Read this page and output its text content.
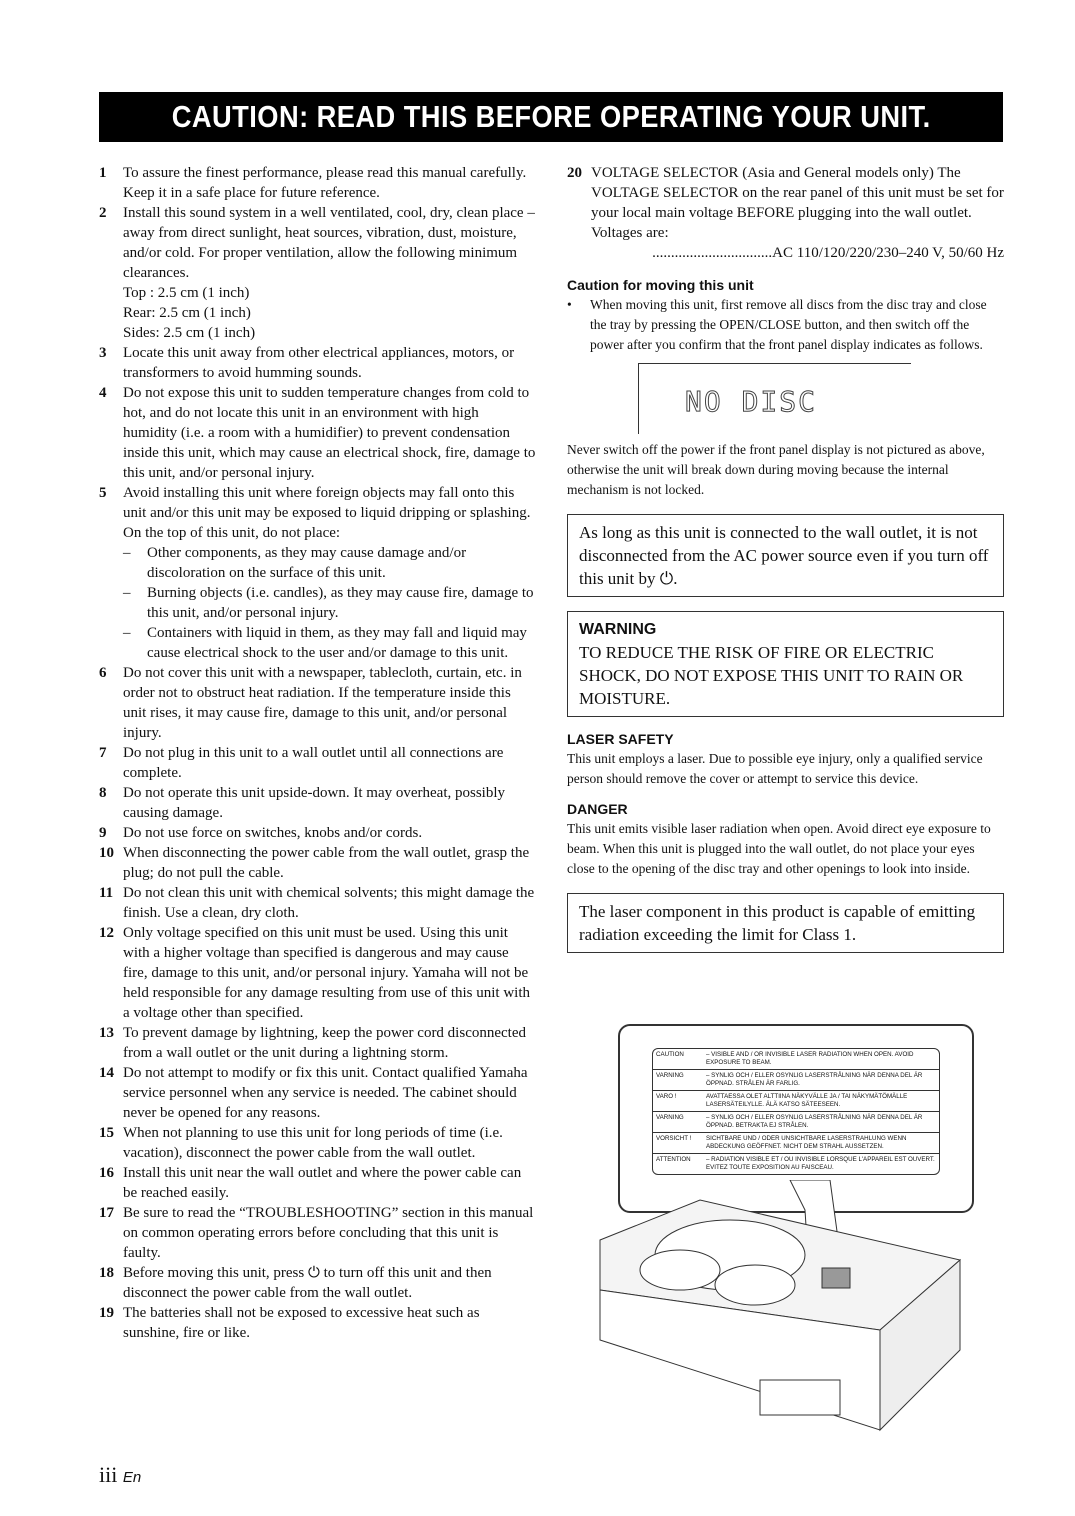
CAUTION: READ THIS BEFORE OPERATING YOUR UNIT.
1	To assure the finest performance, please read this manual carefully. Keep it in a safe place for future reference.
2	Install this sound system in a well ventilated, cool, dry, clean place – away from direct sunlight, heat sources, vibration, dust, moisture, and/or cold. For proper ventilation, allow the following minimum clearances.
Top : 2.5 cm (1 inch)
Rear: 2.5 cm (1 inch)
Sides: 2.5 cm (1 inch)
3	Locate this unit away from other electrical appliances, motors, or transformers to avoid humming sounds.
4	Do not expose this unit to sudden temperature changes from cold to hot, and do not locate this unit in an environment with high humidity (i.e. a room with a humidifier) to prevent condensation inside this unit, which may cause an electrical shock, fire, damage to this unit, and/or personal injury.
5	Avoid installing this unit where foreign objects may fall onto this unit and/or this unit may be exposed to liquid dripping or splashing. On the top of this unit, do not place:
–	Other components, as they may cause damage and/or discoloration on the surface of this unit.
–	Burning objects (i.e. candles), as they may cause fire, damage to this unit, and/or personal injury.
–	Containers with liquid in them, as they may fall and liquid may cause electrical shock to the user and/or damage to this unit.
6	Do not cover this unit with a newspaper, tablecloth, curtain, etc. in order not to obstruct heat radiation. If the temperature inside this unit rises, it may cause fire, damage to this unit, and/or personal injury.
7	Do not plug in this unit to a wall outlet until all connections are complete.
8	Do not operate this unit upside-down. It may overheat, possibly causing damage.
9	Do not use force on switches, knobs and/or cords.
10 When disconnecting the power cable from the wall outlet, grasp the plug; do not pull the cable.
11 Do not clean this unit with chemical solvents; this might damage the finish. Use a clean, dry cloth.
12 Only voltage specified on this unit must be used. Using this unit with a higher voltage than specified is dangerous and may cause fire, damage to this unit, and/or personal injury. Yamaha will not be held responsible for any damage resulting from use of this unit with a voltage other than specified.
13 To prevent damage by lightning, keep the power cord disconnected from a wall outlet or the unit during a lightning storm.
14 Do not attempt to modify or fix this unit. Contact qualified Yamaha service personnel when any service is needed. The cabinet should never be opened for any reasons.
15 When not planning to use this unit for long periods of time (i.e. vacation), disconnect the power cable from the wall outlet.
16 Install this unit near the wall outlet and where the power cable can be reached easily.
17 Be sure to read the “TROUBLESHOOTING” section in this manual on common operating errors before concluding that this unit is faulty.
18 Before moving this unit, press ⏻ to turn off this unit and then disconnect the power cable from the wall outlet.
19 The batteries shall not be exposed to excessive heat such as sunshine, fire or like.
20 VOLTAGE SELECTOR (Asia and General models only) The VOLTAGE SELECTOR on the rear panel of this unit must be set for your local main voltage BEFORE plugging into the wall outlet. Voltages are:
................................AC 110/120/220/230–240 V, 50/60 Hz
Caution for moving this unit
•	When moving this unit, first remove all discs from the disc tray and close the tray by pressing the OPEN/CLOSE button, and then switch off the power after you confirm that the front panel display indicates as follows.
NO DISC
Never switch off the power if the front panel display is not pictured as above, otherwise the unit will break down during moving because the internal mechanism is not locked.
As long as this unit is connected to the wall outlet, it is not disconnected from the AC power source even if you turn off this unit by ⏻.
WARNING
TO REDUCE THE RISK OF FIRE OR ELECTRIC SHOCK, DO NOT EXPOSE THIS UNIT TO RAIN OR MOISTURE.
LASER SAFETY
This unit employs a laser. Due to possible eye injury, only a qualified service person should remove the cover or attempt to service this device.
DANGER
This unit emits visible laser radiation when open. Avoid direct eye exposure to beam. When this unit is plugged into the wall outlet, do not place your eyes close to the opening of the disc tray and other openings to look into inside.
The laser component in this product is capable of emitting radiation exceeding the limit for Class 1.
CAUTION	– VISIBLE AND / OR INVISIBLE LASER RADIATION WHEN OPEN. AVOID EXPOSURE TO BEAM.
VARNING	– SYNLIG OCH / ELLER OSYNLIG LASERSTRÅLNING NÄR DENNA DEL ÄR ÖPPNAD. STRÅLEN ÄR FARLIG.
VARO !	AVATTAESSA OLET ALTTIINA NÄKYVÄLLE JA / TAI NÄKYMÄTÖMÄLLE LASERSÄTEILYLLE. ÄLÄ KATSO SÄTEESEEN.
VARNING	– SYNLIG OCH / ELLER OSYNLIG LASERSTRÅLNING NÄR DENNA DEL ÄR ÖPPNAD. BETRAKTA EJ STRÅLEN.
VORSICHT !	SICHTBARE UND / ODER UNSICHTBARE LASERSTRAHLUNG WENN ABDECKUNG GEÖFFNET. NICHT DEM STRAHL AUSSETZEN.
ATTENTION	– RADIATION VISIBLE ET / OU INVISIBLE LORSQUE L'APPAREIL EST OUVERT. EVITEZ TOUTE EXPOSITION AU FAISCEAU.
iii En
